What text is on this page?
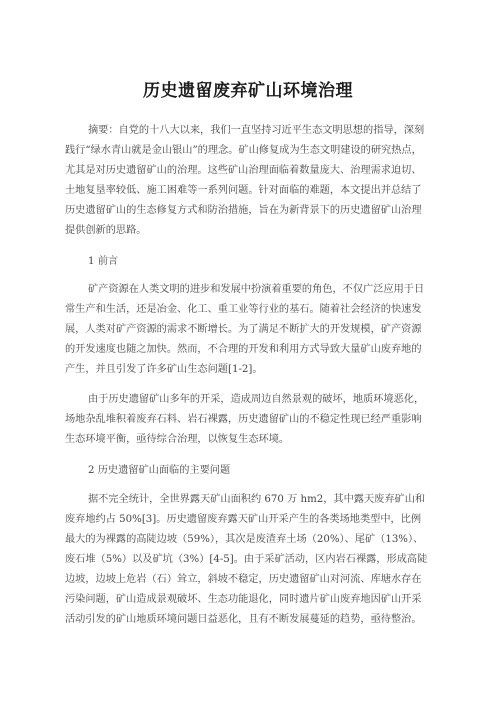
历史遗留废弃矿山环境治理
摘要：自党的十八大以来，我们一直坚持习近平生态文明思想的指导，深刻
践行“绿水青山就是金山银山”的理念。矿山修复成为生态文明建设的研究热点，
尤其是对历史遗留矿山的治理。这些矿山治理面临着数量庞大、治理需求迫切、
土地复垦率较低、施工困难等一系列问题。针对面临的难题，本文提出并总结了
历史遗留矿山的生态修复方式和防治措施，旨在为新背景下的历史遗留矿山治理
提供创新的思路。
1 前言
矿产资源在人类文明的进步和发展中扮演着重要的角色，不仅广泛应用于日
常生产和生活，还是冶金、化工、重工业等行业的基石。随着社会经济的快速发
展，人类对矿产资源的需求不断增长。为了满足不断扩大的开发规模，矿产资源
的开发速度也随之加快。然而，不合理的开发和利用方式导致大量矿山废弃地的
产生，并且引发了许多矿山生态问题[1-2]。
由于历史遗留矿山多年的开采，造成周边自然景观的破坏，地质环境恶化，
场地杂乱堆积着废弃石料、岩石裸露，历史遗留矿山的不稳定性现已经严重影响
生态环境平衡，亟待综合治理，以恢复生态环境。
2 历史遗留矿山面临的主要问题
据不完全统计，全世界露天矿山面积约 670 万 hm2，其中露天废弃矿山和
废弃地约占 50%[3]。历史遗留废弃露天矿山开采产生的各类场地类型中，比例
最大的为裸露的高陡边坡（59%），其次是废渣弃土场（20%）、尾矿（13%）、
废石堆（5%）以及矿坑（3%）[4-5]。由于采矿活动，区内岩石裸露，形成高陡
边坡，边坡上危岩（石）耸立，斜坡不稳定，历史遗留矿山对河流、库塘水存在
污染问题，矿山造成景观破坏、生态功能退化，同时遗片矿山废弃地因矿山开采
活动引发的矿山地质环境问题日益恶化，且有不断发展蔓延的趋势，亟待整治。
